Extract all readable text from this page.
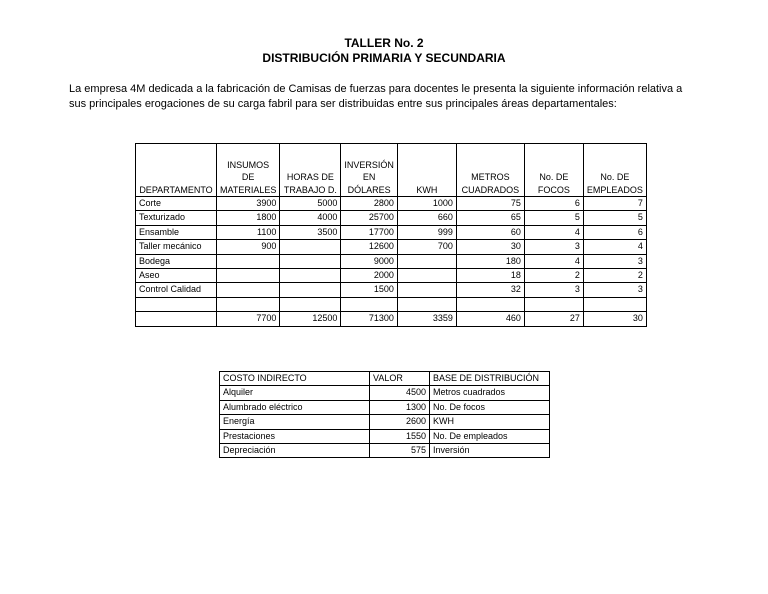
TALLER No. 2
DISTRIBUCIÓN PRIMARIA Y SECUNDARIA
La empresa 4M dedicada a la fabricación de Camisas de fuerzas para docentes le presenta la siguiente información relativa a sus principales erogaciones de su carga fabril para ser distribuidas entre sus principales áreas departamentales:
DEPARTAMENTO	INSUMOS DE MATERIALES	HORAS DE TRABAJO D.	INVERSIÓN EN DÓLARES	KWH	METROS CUADRADOS	No. DE FOCOS	No. DE EMPLEADOS
Corte	3900	5000	2800	1000	75	6	7
Texturizado	1800	4000	25700	660	65	5	5
Ensamble	1100	3500	17700	999	60	4	6
Taller mecánico	900		12600	700	30	3	4
Bodega			9000		180	4	3
Aseo			2000		18	2	2
Control Calidad			1500		32	3	3

	7700	12500	71300	3359	460	27	30
COSTO INDIRECTO	VALOR	BASE DE DISTRIBUCIÓN
Alquiler	4500	Metros cuadrados
Alumbrado eléctrico	1300	No. De focos
Energía	2600	KWH
Prestaciones	1550	No. De empleados
Depreciación	575	Inversión
